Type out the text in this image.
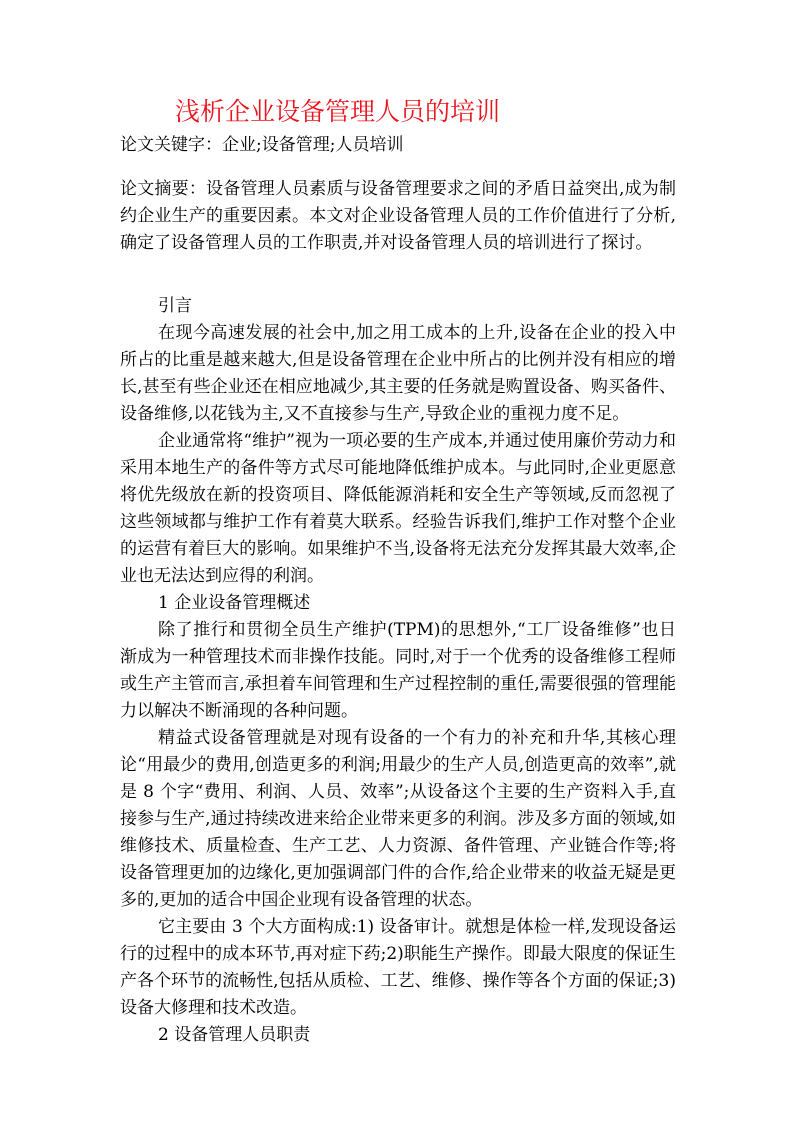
浅析企业设备管理人员的培训
论文关键字：企业;设备管理;人员培训
论文摘要：设备管理人员素质与设备管理要求之间的矛盾日益突出,成为制约企业生产的重要因素。本文对企业设备管理人员的工作价值进行了分析,确定了设备管理人员的工作职责,并对设备管理人员的培训进行了探讨。
引言

在现今高速发展的社会中,加之用工成本的上升,设备在企业的投入中所占的比重是越来越大,但是设备管理在企业中所占的比例并没有相应的增长,甚至有些企业还在相应地减少,其主要的任务就是购置设备、购买备件、设备维修,以花钱为主,又不直接参与生产,导致企业的重视力度不足。

企业通常将“维护”视为一项必要的生产成本,并通过使用廉价劳动力和采用本地生产的备件等方式尽可能地降低维护成本。与此同时,企业更愿意将优先级放在新的投资项目、降低能源消耗和安全生产等领域,反而忽视了这些领域都与维护工作有着莫大联系。经验告诉我们,维护工作对整个企业的运营有着巨大的影响。如果维护不当,设备将无法充分发挥其最大效率,企业也无法达到应得的利润。

1 企业设备管理概述

除了推行和贯彻全员生产维护(TPM)的思想外,“工厂设备维修”也日渐成为一种管理技术而非操作技能。同时,对于一个优秀的设备维修工程师或生产主管而言,承担着车间管理和生产过程控制的重任,需要很强的管理能力以解决不断涌现的各种问题。

精益式设备管理就是对现有设备的一个有力的补充和升华,其核心理论“用最少的费用,创造更多的利润;用最少的生产人员,创造更高的效率”,就是 8 个字“费用、利润、人员、效率”;从设备这个主要的生产资料入手,直接参与生产,通过持续改进来给企业带来更多的利润。涉及多方面的领域,如维修技术、质量检查、生产工艺、人力资源、备件管理、产业链合作等;将设备管理更加的边缘化,更加强调部门件的合作,给企业带来的收益无疑是更多的,更加的适合中国企业现有设备管理的状态。

它主要由 3 个大方面构成:1) 设备审计。就想是体检一样,发现设备运行的过程中的成本环节,再对症下药;2)职能生产操作。即最大限度的保证生产各个环节的流畅性,包括从质检、工艺、维修、操作等各个方面的保证;3)设备大修理和技术改造。

2 设备管理人员职责
